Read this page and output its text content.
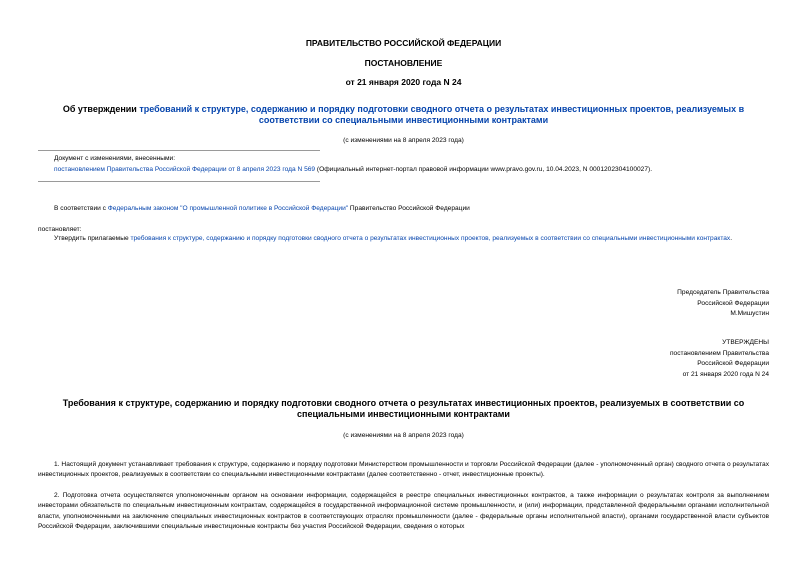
ПРАВИТЕЛЬСТВО РОССИЙСКОЙ ФЕДЕРАЦИИ
ПОСТАНОВЛЕНИЕ
от 21 января 2020 года N 24
Об утверждении требований к структуре, содержанию и порядку подготовки сводного отчета о результатах инвестиционных проектов, реализуемых в
соответствии со специальными инвестиционными контрактами
(с изменениями на 8 апреля 2023 года)
Документ с изменениями, внесенными:
постановлением Правительства Российской Федерации от 8 апреля 2023 года N 569 (Официальный интернет-портал правовой информации www.pravo.gov.ru, 10.04.2023, N 0001202304100027).
В соответствии с Федеральным законом "О промышленной политике в Российской Федерации" Правительство Российской Федерации
постановляет:
Утвердить прилагаемые требования к структуре, содержанию и порядку подготовки сводного отчета о результатах инвестиционных проектов, реализуемых в соответствии со специальными инвестиционными контрактах.
Председатель Правительства
Российской Федерации
М.Мишустин
УТВЕРЖДЕНЫ
постановлением Правительства
Российской Федерации
от 21 января 2020 года N 24
Требования к структуре, содержанию и порядку подготовки сводного отчета о результатах инвестиционных проектов, реализуемых в соответствии со
специальными инвестиционными контрактами
(с изменениями на 8 апреля 2023 года)
1. Настоящий документ устанавливает требования к структуре, содержанию и порядку подготовки Министерством промышленности и торговли Российской Федерации (далее - уполномоченный орган) сводного отчета о результатах инвестиционных проектов, реализуемых в соответствии со специальными инвестиционными контрактами (далее соответственно - отчет, инвестиционные проекты).
2. Подготовка отчета осуществляется уполномоченным органом на основании информации, содержащейся в реестре специальных инвестиционных контрактов, а также информации о результатах контроля за выполнением инвесторами обязательств по специальным инвестиционным контрактам, содержащейся в государственной информационной системе промышленности, и (или) информации, представленной федеральными органами исполнительной власти, уполномоченными на заключение специальных инвестиционных контрактов в соответствующих отраслях промышленности (далее - федеральные органы исполнительной власти), органами государственной власти субъектов Российской Федерации, заключившими специальные инвестиционные контракты без участия Российской Федерации, сведения о которых
